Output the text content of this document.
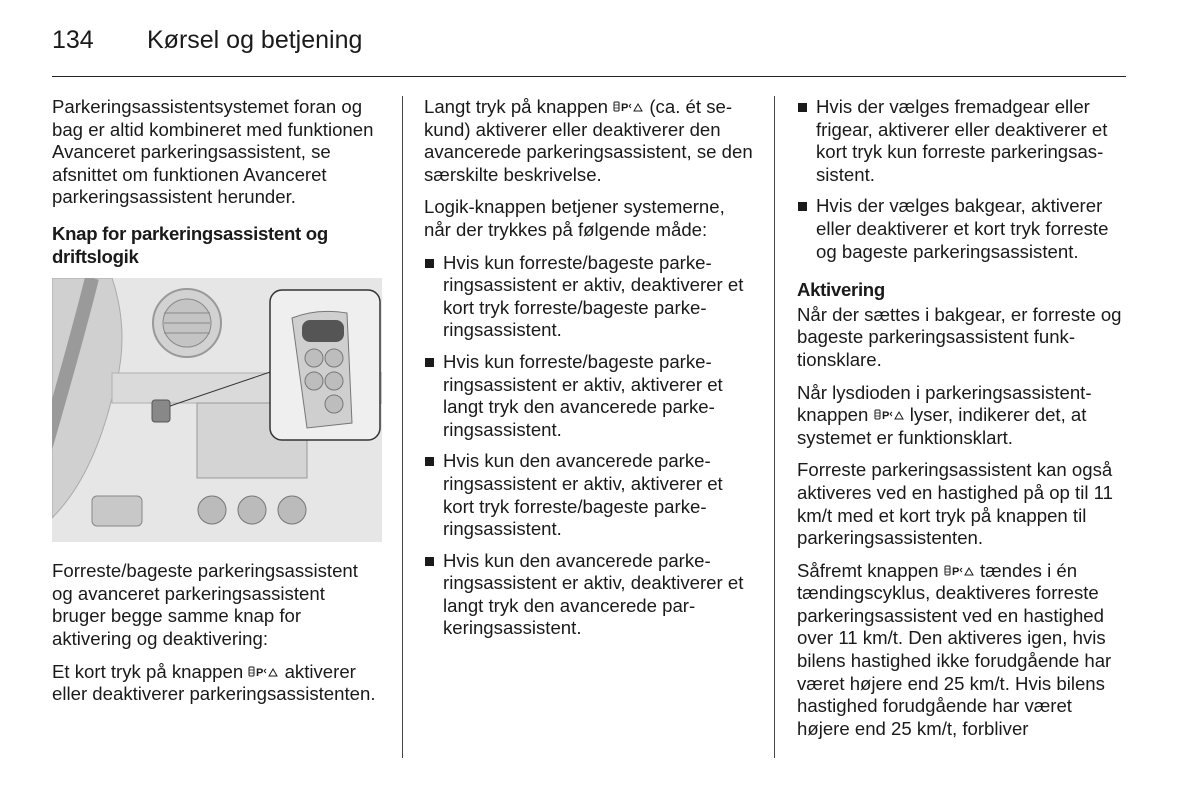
134 Kørsel og betjening

Parkeringsassistentsystemet foran og bag er altid kombineret med funktionen Avanceret parkeringsassistent, se afsnittet om funktionen Avanceret parkeringsassistent herunder.

Knap for parkeringsassistent og driftslogik

Forreste/bageste parkeringsassistent og avanceret parkeringsassistent bruger begge samme knap for aktivering og deaktivering:

Et kort tryk på knappen aktiverer eller deaktiverer parkeringsassistenten.

Langt tryk på knappen (ca. ét sekund) aktiverer eller deaktiverer den avancerede parkeringsassistent, se den særskilte beskrivelse.

Logik-knappen betjener systemerne, når der trykkes på følgende måde:

Hvis kun forreste/bageste parkeringsassistent er aktiv, deaktiverer et kort tryk forreste/bageste parkeringsassistent.
Hvis kun forreste/bageste parkeringsassistent er aktiv, aktiverer et langt tryk den avancerede parkeringsassistent.
Hvis kun den avancerede parkeringsassistent er aktiv, aktiverer et kort tryk forreste/bageste parkeringsassistent.
Hvis kun den avancerede parkeringsassistent er aktiv, deaktiverer et langt tryk den avancerede parkeringsassistent.
Hvis der vælges fremadgear eller frigear, aktiverer eller deaktiverer et kort tryk kun forreste parkeringsassistent.
Hvis der vælges bakgear, aktiverer eller deaktiverer et kort tryk forreste og bageste parkeringsassistent.
Aktivering

Når der sættes i bakgear, er forreste og bageste parkeringsassistent funktionsklare.

Når lysdioden i parkeringsassistentknappen lyser, indikerer det, at systemet er funktionsklart.

Forreste parkeringsassistent kan også aktiveres ved en hastighed på op til 11 km/t med et kort tryk på knappen til parkeringsassistenten.

Såfremt knappen tændes i én tændingscyklus, deaktiveres forreste parkeringsassistent ved en hastighed over 11 km/t. Den aktiveres igen, hvis bilens hastighed ikke forudgående har været højere end 25 km/t. Hvis bilens hastighed forudgående har været højere end 25 km/t, forbliver
